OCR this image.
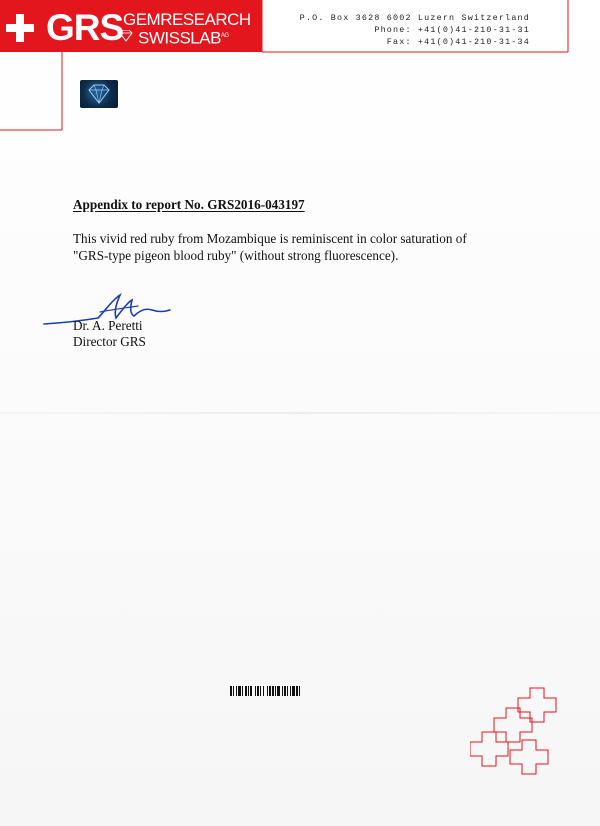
GRS GEMRESEARCH
$SWISSLAB^{AG}$
P.O. Box 3628 6002 Luzern Switzerland
Phone: +41(0)41-210-31-31
Fax: +41(0)41-210-31-34
Appendix to report No. GRS2016-043197
This vivid red ruby from Mozambique is reminiscent in color saturation of
"GRS-type pigeon blood ruby" (without strong fluorescence).
Dr. A. Peretti
Director GRS
